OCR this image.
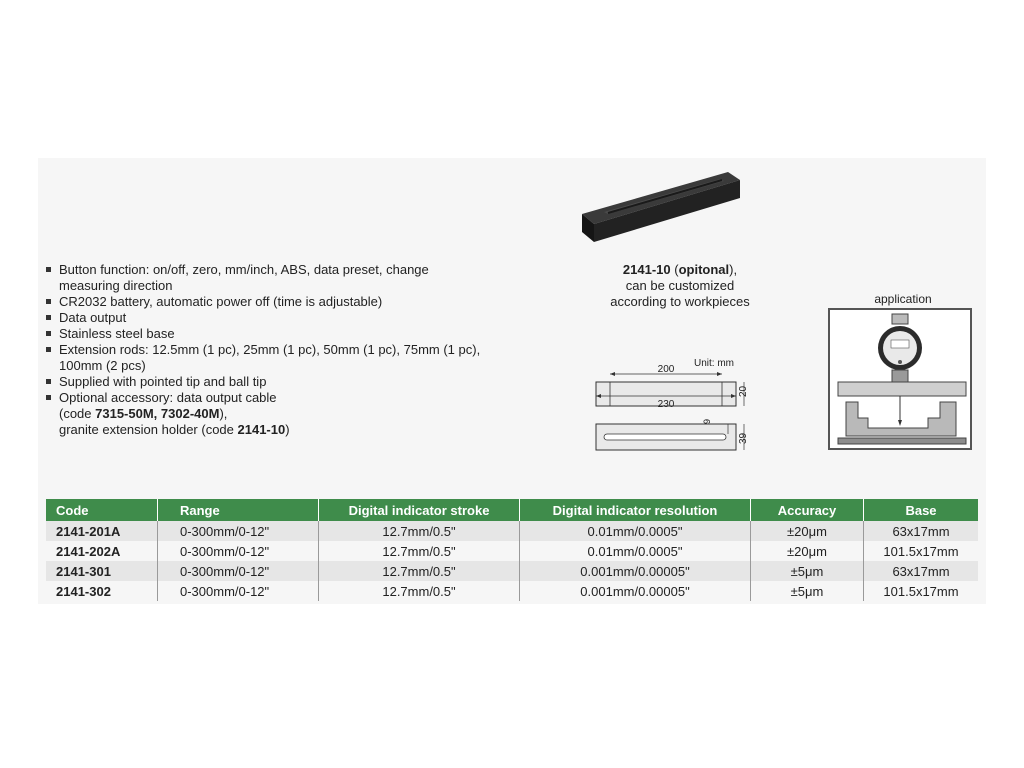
Button function: on/off, zero, mm/inch, ABS, data preset, change measuring direction
CR2032 battery, automatic power off (time is adjustable)
Data output
Stainless steel base
Extension rods: 12.5mm (1 pc), 25mm (1 pc), 50mm (1 pc), 75mm (1 pc), 100mm (2 pcs)
Supplied with pointed tip and ball tip
Optional accessory: data output cable
(code 7315-50M, 7302-40M),
granite extension holder (code 2141-10)
2141-10 (opitonal),
can be customized
according to workpieces
Unit: mm
200
230
20
9
39
application
Code	Range	Digital indicator stroke	Digital indicator resolution	Accuracy	Base
2141-201A	0-300mm/0-12"	12.7mm/0.5"	0.01mm/0.0005"	±20μm	63x17mm
2141-202A	0-300mm/0-12"	12.7mm/0.5"	0.01mm/0.0005"	±20μm	101.5x17mm
2141-301	0-300mm/0-12"	12.7mm/0.5"	0.001mm/0.00005"	±5μm	63x17mm
2141-302	0-300mm/0-12"	12.7mm/0.5"	0.001mm/0.00005"	±5μm	101.5x17mm
